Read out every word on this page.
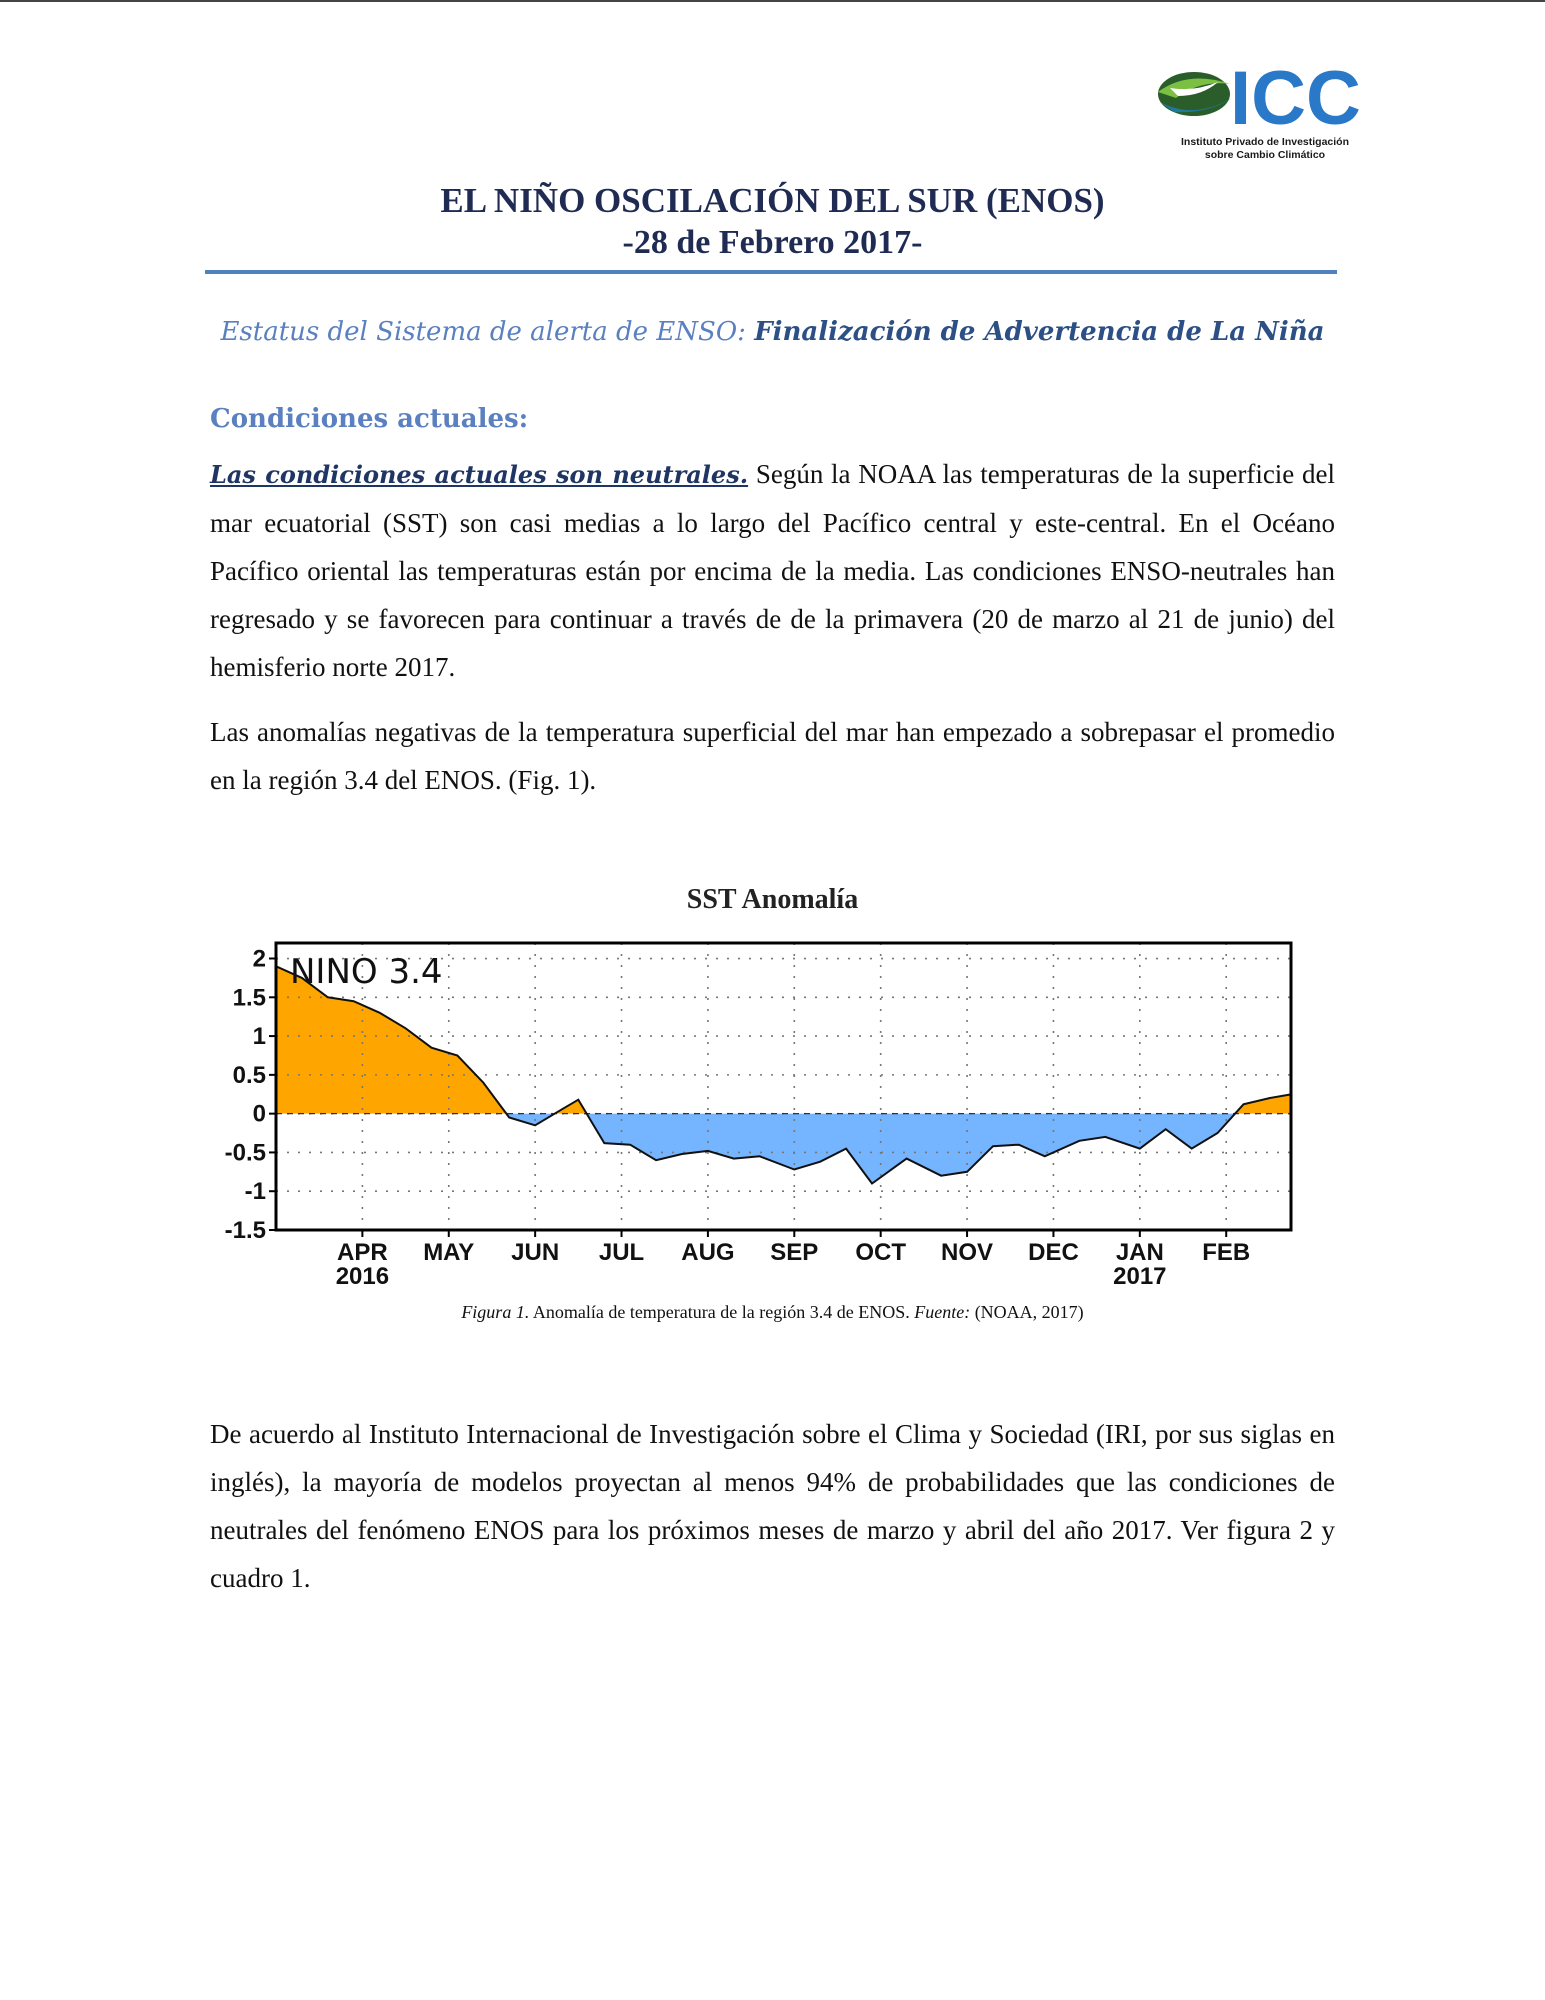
ICC
Instituto Privado de Investigación
sobre Cambio Climático
EL NIÑO OSCILACIÓN DEL SUR (ENOS)
-28 de Febrero 2017-
Estatus del Sistema de alerta de ENSO: Finalización de Advertencia de La Niña
Condiciones actuales:
Las condiciones actuales son neutrales. Según la NOAA las temperaturas de la superficie del mar ecuatorial (SST) son casi medias a lo largo del Pacífico central y este-central. En el Océano Pacífico oriental las temperaturas están por encima de la media. Las condiciones ENSO-neutrales han regresado y se favorecen para continuar a través de de la primavera (20 de marzo al 21 de junio) del hemisferio norte 2017.
Las anomalías negativas de la temperatura superficial del mar han empezado a sobrepasar el promedio en la región 3.4 del ENOS. (Fig. 1).
SST Anomalía
2
1.5
1
0.5
0
-0.5
-1
-1.5
APR MAY JUN JUL AUG SEP OCT NOV DEC JAN FEB
2016	2017
NINO 3.4
Figura 1. Anomalía de temperatura de la región 3.4 de ENOS. Fuente: (NOAA, 2017)
De acuerdo al Instituto Internacional de Investigación sobre el Clima y Sociedad (IRI, por sus siglas en inglés), la mayoría de modelos proyectan al menos 94% de probabilidades que las condiciones de neutrales del fenómeno ENOS para los próximos meses de marzo y abril del año 2017. Ver figura 2 y cuadro 1.
